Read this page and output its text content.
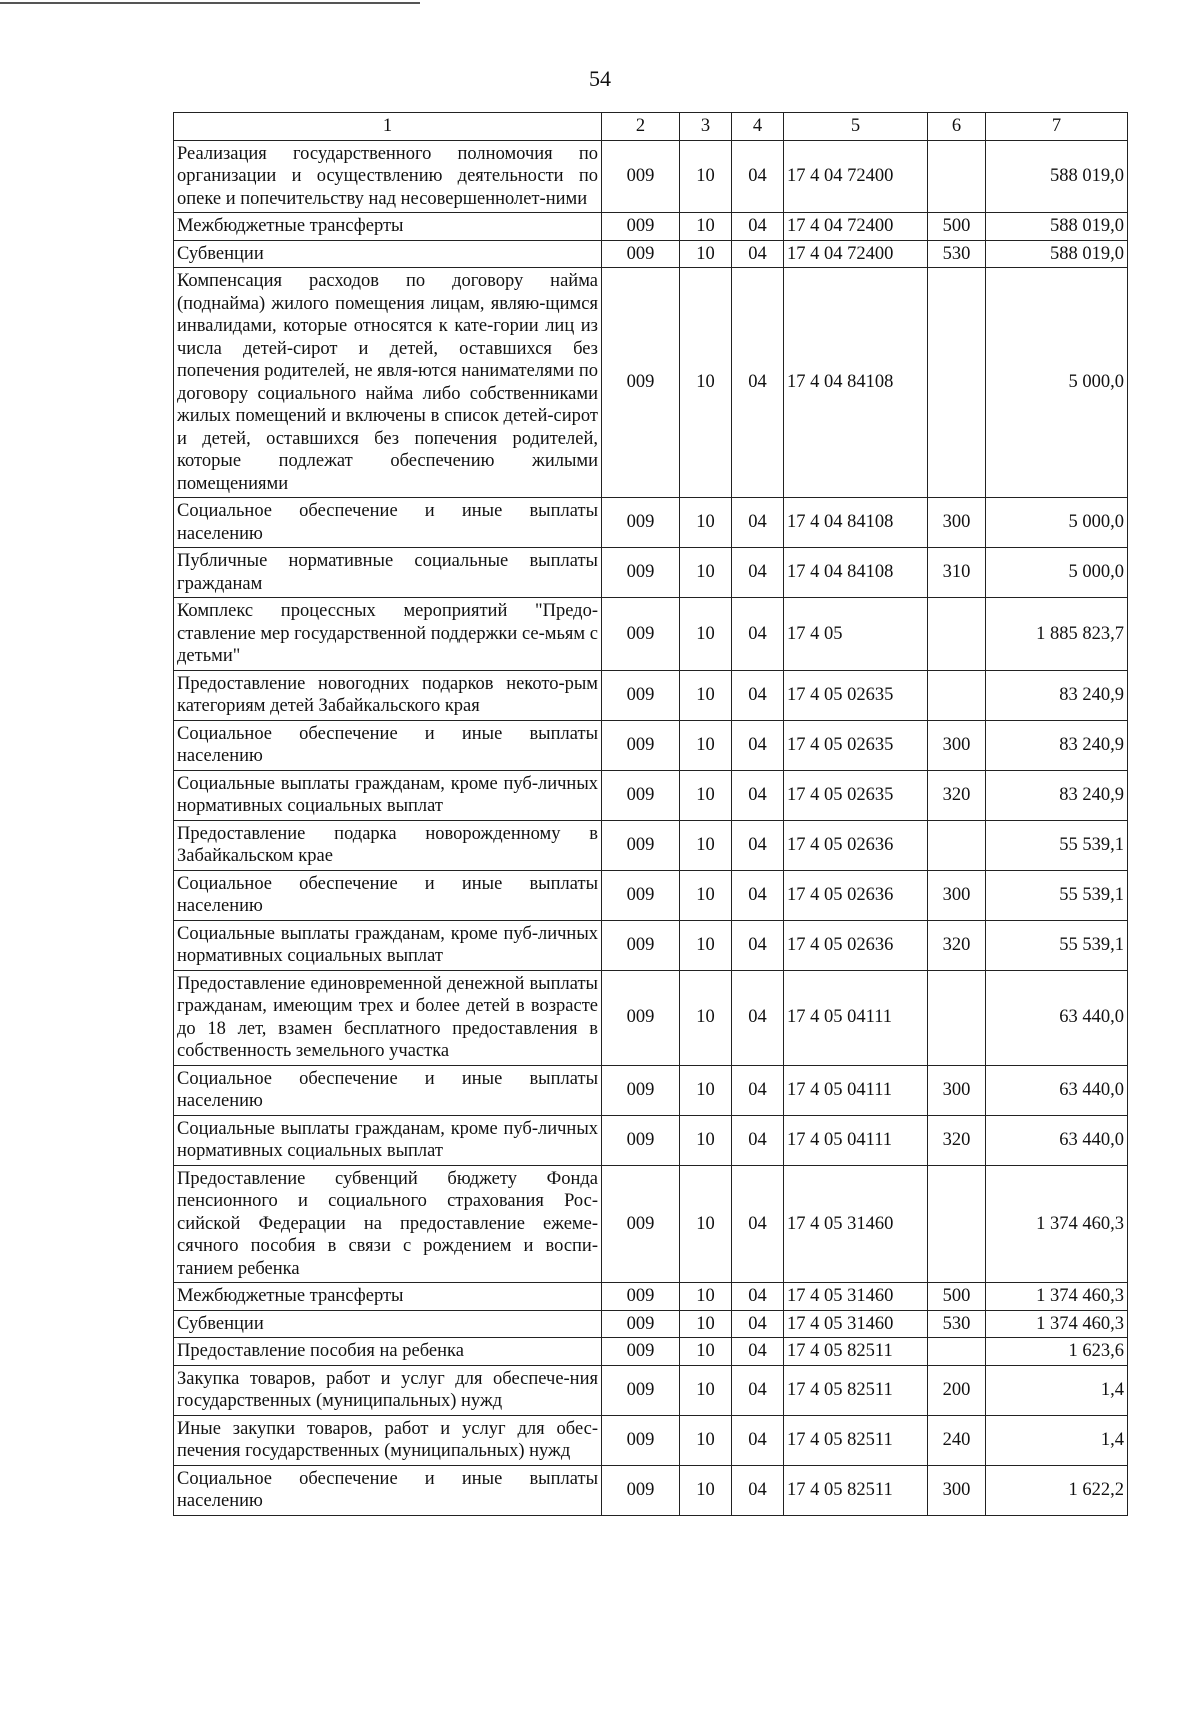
54
1	2	3	4	5	6	7
Реализация государственного полномочия по организации и осуществлению деятельности по опеке и попечительству над несовершеннолет-ними	009	10	04	17 4 04 72400		588 019,0
Межбюджетные трансферты	009	10	04	17 4 04 72400	500	588 019,0
Субвенции	009	10	04	17 4 04 72400	530	588 019,0
Компенсация расходов по договору найма (поднайма) жилого помещения лицам, являю-щимся инвалидами, которые относятся к кате-гории лиц из числа детей-сирот и детей, оставшихся без попечения родителей, не явля-ются нанимателями по договору социального найма либо собственниками жилых помещений и включены в список детей-сирот и детей, оставшихся без попечения родителей, которые подлежат обеспечению жилыми помещениями	009	10	04	17 4 04 84108		5 000,0
Социальное обеспечение и иные выплаты населению	009	10	04	17 4 04 84108	300	5 000,0
Публичные нормативные социальные выплаты гражданам	009	10	04	17 4 04 84108	310	5 000,0
Комплекс процессных мероприятий "Предо-ставление мер государственной поддержки се-мьям с детьми"	009	10	04	17 4 05		1 885 823,7
Предоставление новогодних подарков некото-рым категориям детей Забайкальского края	009	10	04	17 4 05 02635		83 240,9
Социальное обеспечение и иные выплаты населению	009	10	04	17 4 05 02635	300	83 240,9
Социальные выплаты гражданам, кроме пуб-личных нормативных социальных выплат	009	10	04	17 4 05 02635	320	83 240,9
Предоставление подарка новорожденному в Забайкальском крае	009	10	04	17 4 05 02636		55 539,1
Социальное обеспечение и иные выплаты населению	009	10	04	17 4 05 02636	300	55 539,1
Социальные выплаты гражданам, кроме пуб-личных нормативных социальных выплат	009	10	04	17 4 05 02636	320	55 539,1
Предоставление единовременной денежной выплаты гражданам, имеющим трех и более детей в возрасте до 18 лет, взамен бесплатного предоставления в собственность земельного участка	009	10	04	17 4 05 04111		63 440,0
Социальное обеспечение и иные выплаты населению	009	10	04	17 4 05 04111	300	63 440,0
Социальные выплаты гражданам, кроме пуб-личных нормативных социальных выплат	009	10	04	17 4 05 04111	320	63 440,0
Предоставление субвенций бюджету Фонда пенсионного и социального страхования Рос-сийской Федерации на предоставление ежеме-сячного пособия в связи с рождением и воспи-танием ребенка	009	10	04	17 4 05 31460		1 374 460,3
Межбюджетные трансферты	009	10	04	17 4 05 31460	500	1 374 460,3
Субвенции	009	10	04	17 4 05 31460	530	1 374 460,3
Предоставление пособия на ребенка	009	10	04	17 4 05 82511		1 623,6
Закупка товаров, работ и услуг для обеспече-ния государственных (муниципальных) нужд	009	10	04	17 4 05 82511	200	1,4
Иные закупки товаров, работ и услуг для обес-печения государственных (муниципальных) нужд	009	10	04	17 4 05 82511	240	1,4
Социальное обеспечение и иные выплаты населению	009	10	04	17 4 05 82511	300	1 622,2
